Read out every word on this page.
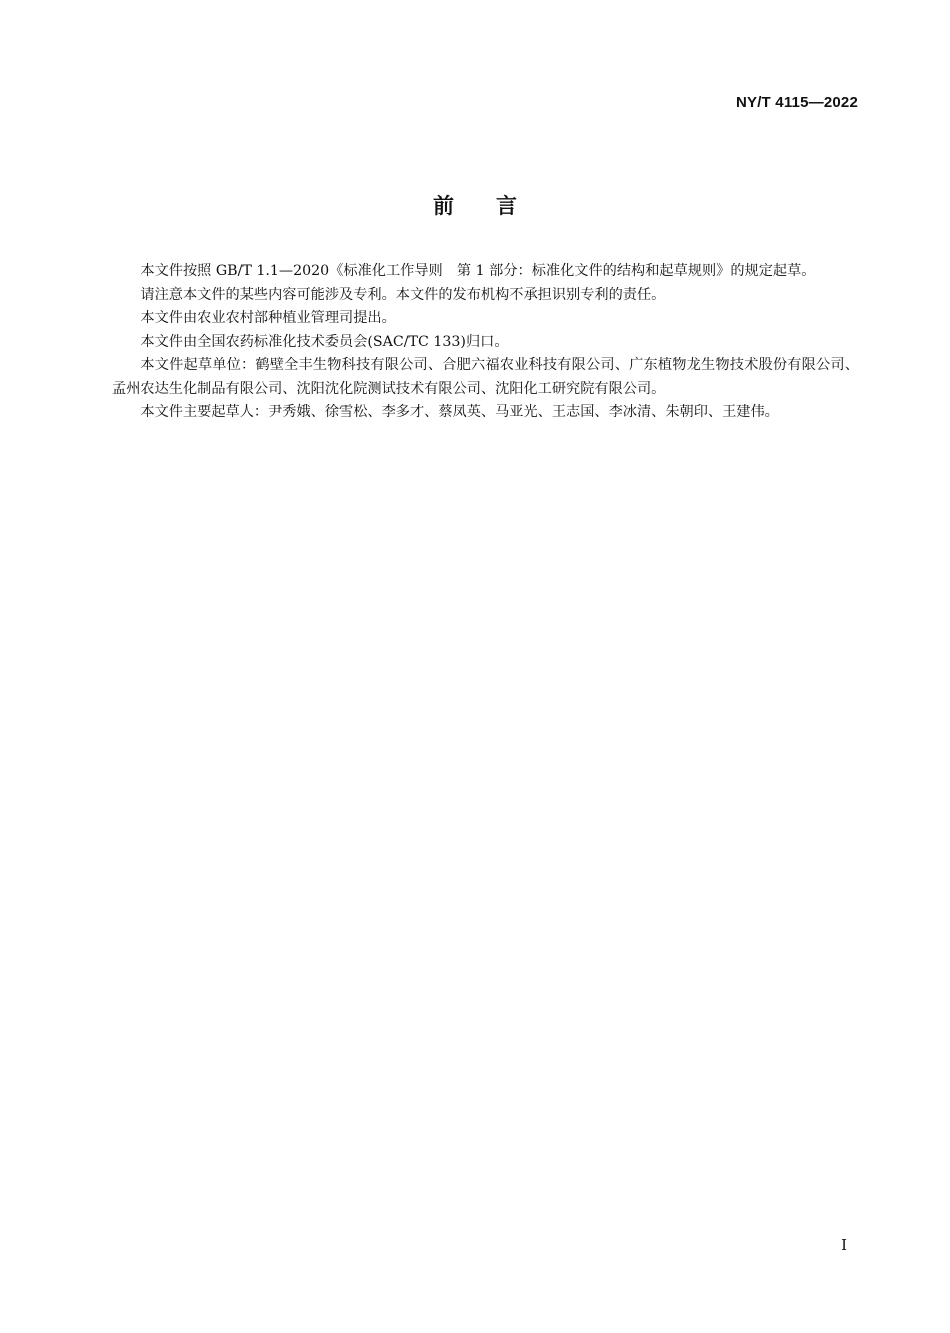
NY/T 4115—2022
前言

本文件按照 GB/T 1.1—2020《标准化工作导则　第 1 部分：标准化文件的结构和起草规则》的规定起草。

请注意本文件的某些内容可能涉及专利。本文件的发布机构不承担识别专利的责任。

本文件由农业农村部种植业管理司提出。

本文件由全国农药标准化技术委员会(SAC/TC 133)归口。

本文件起草单位：鹤壁全丰生物科技有限公司、合肥六福农业科技有限公司、广东植物龙生物技术股份有限公司、孟州农达生化制品有限公司、沈阳沈化院测试技术有限公司、沈阳化工研究院有限公司。

本文件主要起草人：尹秀娥、徐雪松、李多才、蔡凤英、马亚光、王志国、李冰清、朱朝印、王建伟。

I
